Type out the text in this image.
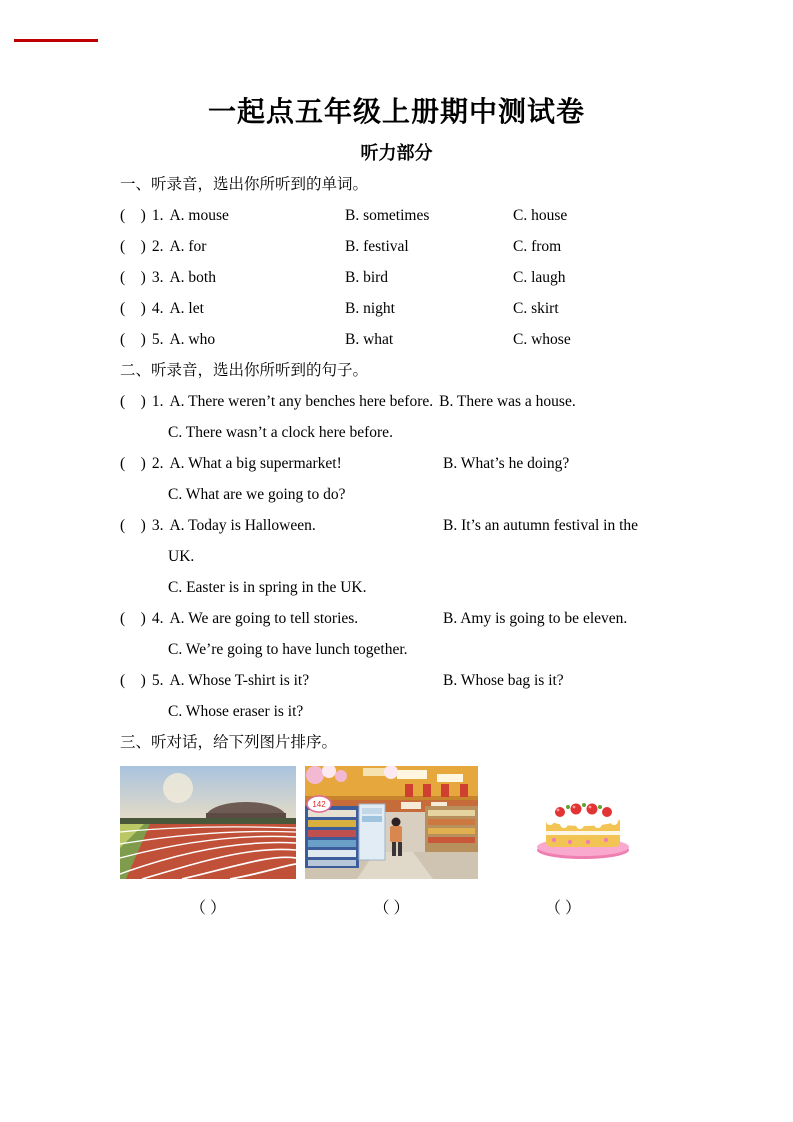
一起点五年级上册期中测试卷
听力部分
一、听录音，选出你所听到的单词。
(　) 1. A. mouse	B. sometimes	C. house
(　) 2. A. for	B. festival	C. from
(　) 3. A. both	B. bird	C. laugh
(　) 4. A. let	B. night	C. skirt
(　) 5. A. who	B. what	C. whose
二、听录音，选出你所听到的句子。
(　) 1. A. There weren’t any benches here before. B. There was a house.
C. There wasn’t a clock here before.
(　) 2. A. What a big supermarket!	B. What’s he doing?
C. What are we going to do?
(　) 3. A. Today is Halloween.	B. It’s an autumn festival in the
UK.
C. Easter is in spring in the UK.
(　) 4. A. We are going to tell stories.	B. Amy is going to be eleven.
C. We’re going to have lunch together.
(　) 5. A. Whose T-shirt is it?	B. Whose bag is it?
C. Whose eraser is it?
三、听对话，给下列图片排序。
142
（ ）	（ ）	（ ）
